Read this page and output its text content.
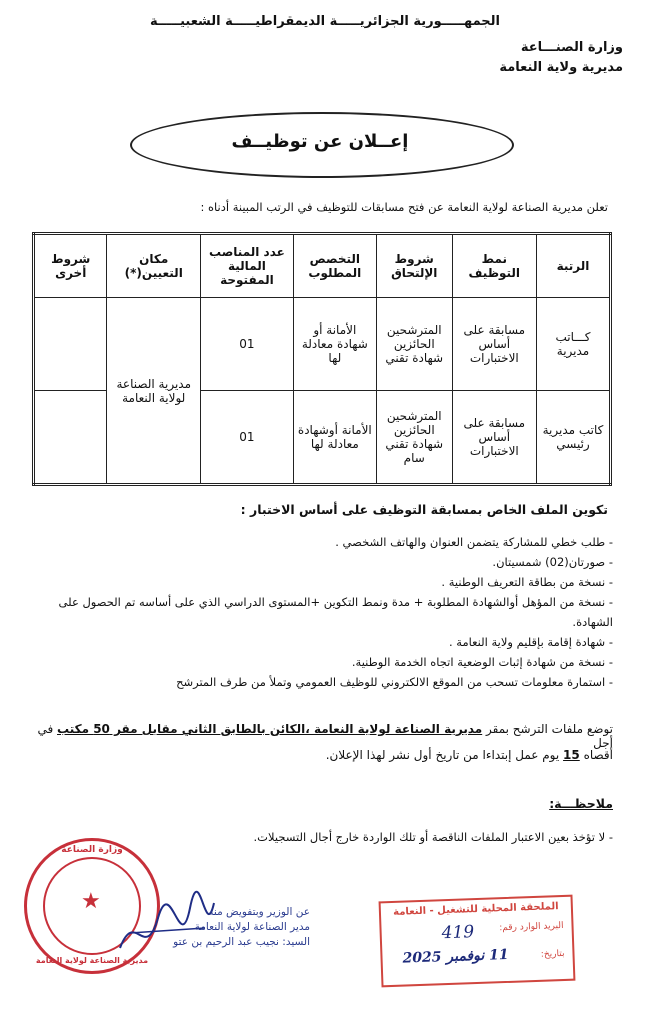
الجمهـــــورية الجزائريـــــة الديمقراطيـــــة الشعبيـــــة
وزارة الصنـــاعة
مديرية ولاية النعامة
إعــلان عن توظيــف
تعلن مديرية الصناعة لولاية النعامة عن فتح مسابقات للتوظيف في الرتب المبينة أدناه :
الرتبة	نمط التوظيف	شروط الإلتحاق	التخصص المطلوب	عدد المناصب المالية المفتوحة	مكان التعيين(*)	شروط أخرى
كـــاتب مديرية	مسابقة على أساس الاختبارات	المترشحين الحائزين شهادة تقني	الأمانة أو شهادة معادلة لها	01	مديرية الصناعة لولاية النعامة	
كاتب مديرية رئيسي	مسابقة على أساس الاختبارات	المترشحين الحائزين شهادة تقني سام	الأمانة أوشهادة معادلة لها	01		
تكوين الملف الخاص بمسابقة التوظيف على أساس الاختبار :
- طلب خطي للمشاركة يتضمن العنوان والهاتف الشخصي .
- صورتان(02) شمسيتان.
- نسخة من بطاقة التعريف الوطنية .
- نسخة من المؤهل أوالشهادة المطلوبة + مدة ونمط التكوين +المستوى الدراسي الذي على أساسه تم الحصول على الشهادة.
- شهادة إقامة بإقليم ولاية النعامة .
- نسخة من شهادة إثبات الوضعية اتجاه الخدمة الوطنية.
- استمارة معلومات تسحب من الموقع الالكتروني للوظيف العمومي وتملأ من طرف المترشح
توضع ملفات الترشح بمقر مديرية الصناعة لولاية النعامة ،الكائن بالطابق الثاني مقابل مقر 50 مكتب في أجل
أقصاه 15 يوم عمل إبتداءا من تاريخ أول نشر لهذا الإعلان.
ملاحظـــة:
- لا تؤخذ بعين الاعتبار الملفات الناقصة أو تلك الواردة خارج أجال التسجيلات.
وزارة الصناعة
★
مديرية الصناعة لولاية النعامة
عن الوزير وبتفويض منه
مدير الصناعة لولاية النعامة
السيد: نجيب عبد الرحيم بن عتو
الملحقة المحلية للتشغيل - النعامة
البريد الوارد رقم:
419
بتاريخ:
11 نوفمبر 2025
